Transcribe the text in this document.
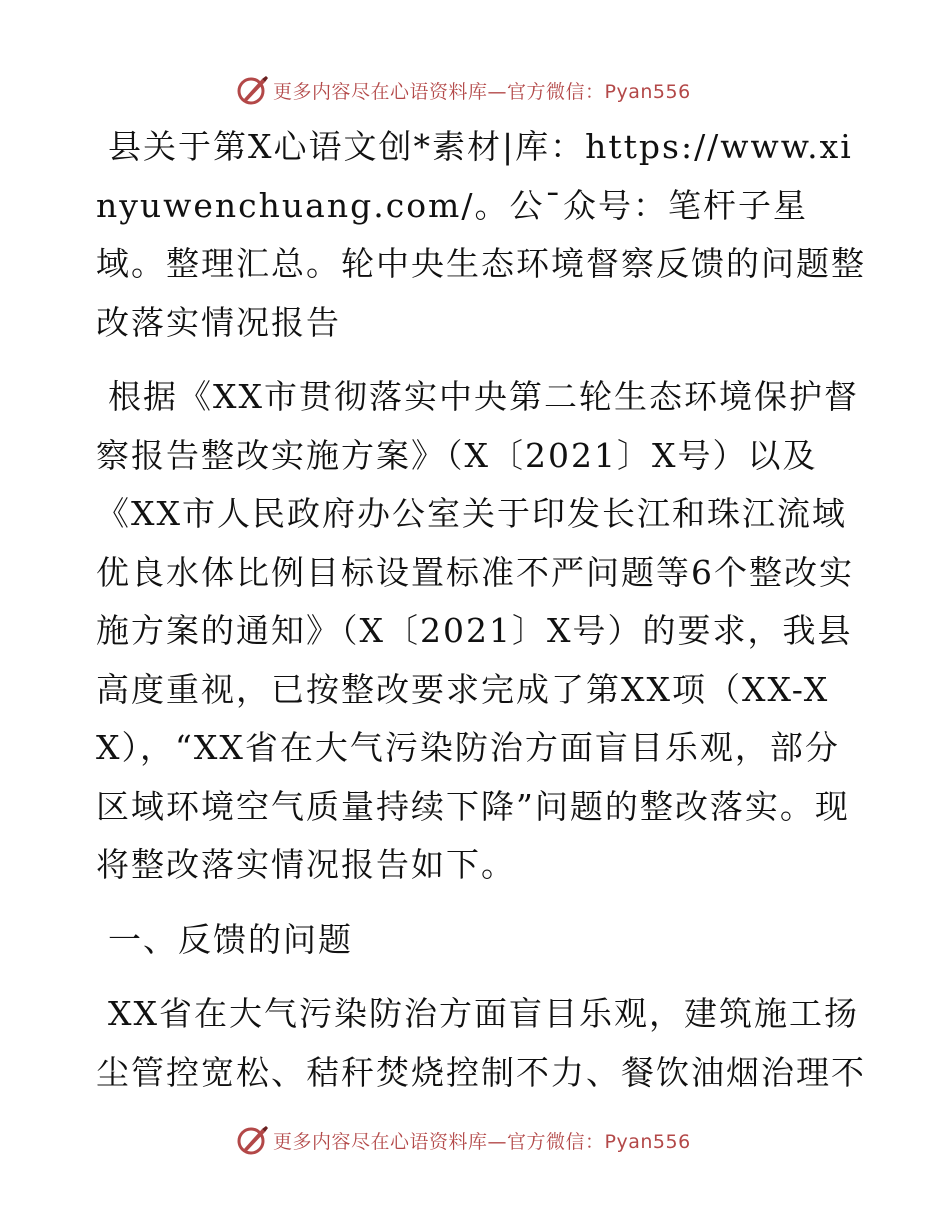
更多内容尽在心语资料库—官方微信：Pyan556

县关于第X心语文创*素材|库：https://www.xinyuwenchuang.com/。公¯众号：笔杆子星域。整理汇总。轮中央生态环境督察反馈的问题整改落实情况报告

根据《XX市贯彻落实中央第二轮生态环境保护督察报告整改实施方案》（X〔2021〕X号）以及《XX市人民政府办公室关于印发长江和珠江流域优良水体比例目标设置标准不严问题等6个整改实施方案的通知》（X〔2021〕X号）的要求，我县高度重视，已按整改要求完成了第XX项（XX-XX），“XX省在大气污染防治方面盲目乐观，部分区域环境空气质量持续下降”问题的整改落实。现将整改落实情况报告如下。

一、反馈的问题

XX省在大气污染防治方面盲目乐观，建筑施工扬尘管控宽松、秸秆焚烧控制不力、餐饮油烟治理不

更多内容尽在心语资料库—官方微信：Pyan556
